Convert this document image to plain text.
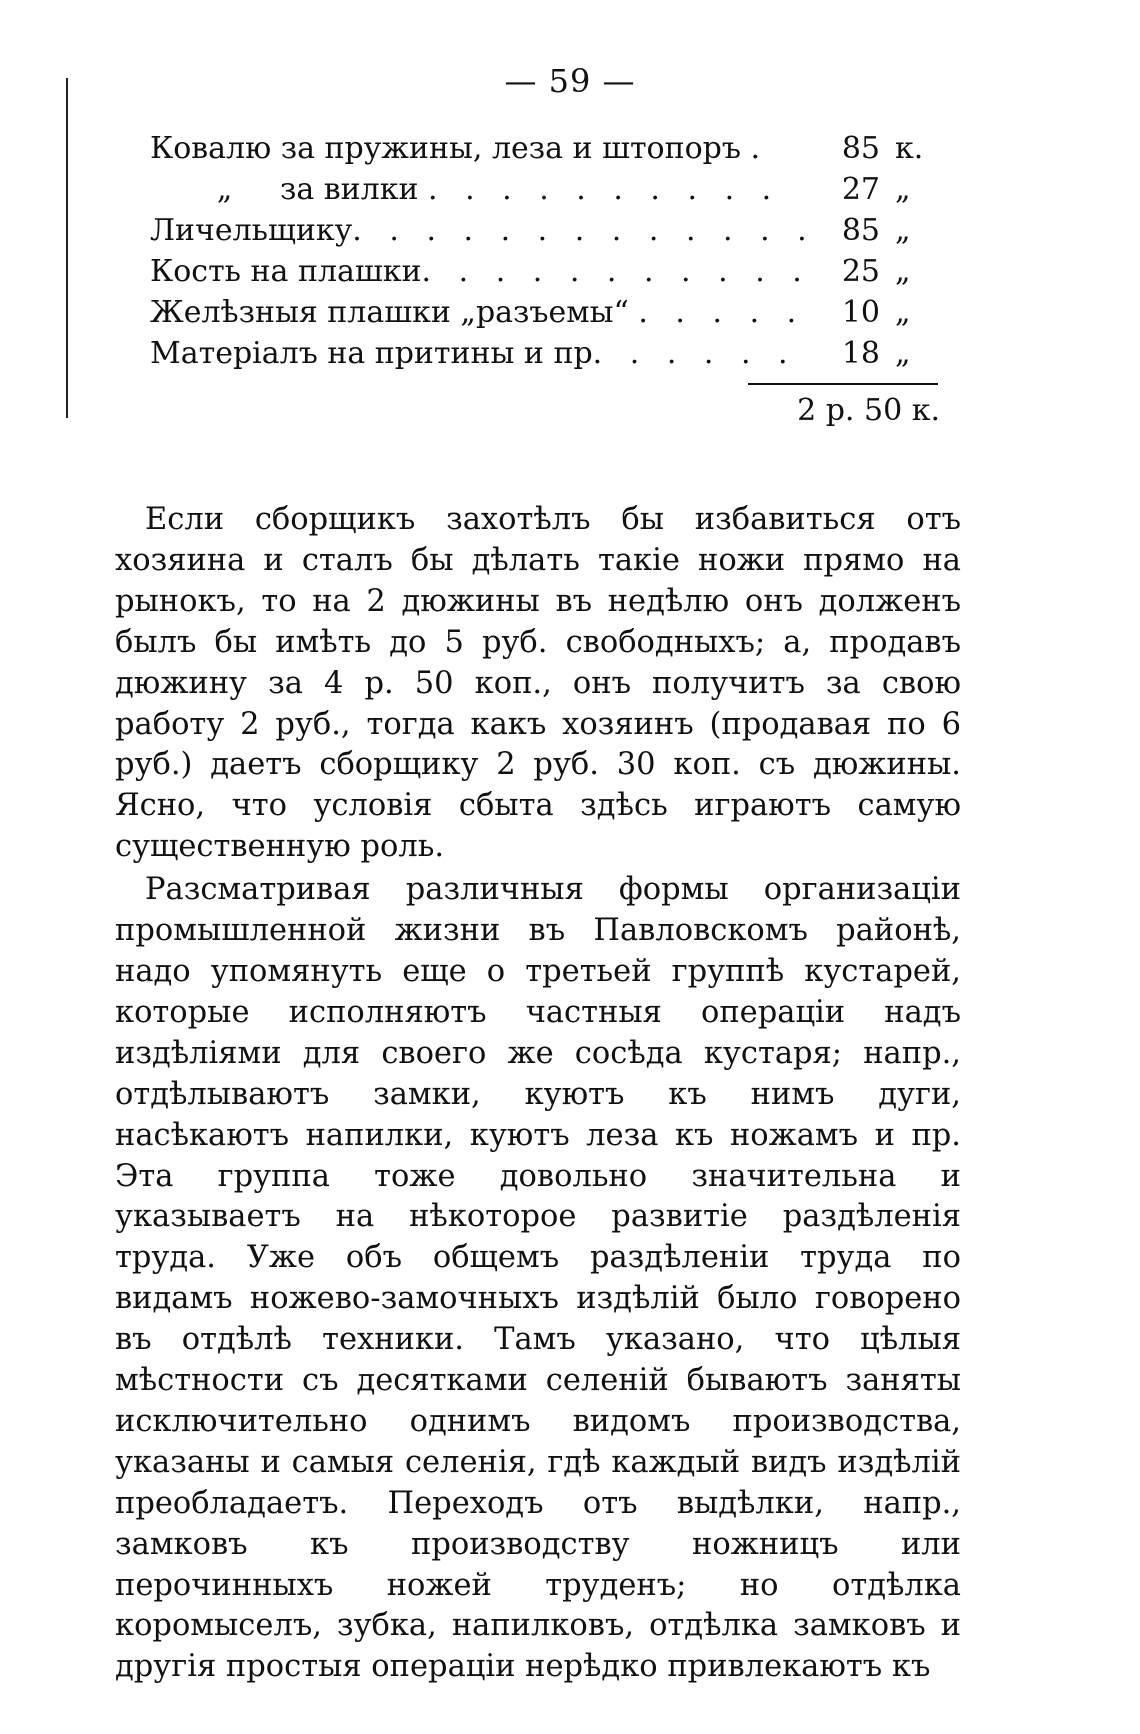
— 59 —
Ковалю за пружины, леза и штопоръ .	85 к.
„     за вилки . . . . . . . . . .	27 „
Личельщику. . . . . . . . . . . . . 85 „
Кость на плашки. . . . . . . . . . .	25 „
Желѣзныя плашки „разъемы“ . . . . .	10 „
Матеріалъ на притины и пр. . . . . .	18 „
2 р. 50 к.

Если сборщикъ захотѣлъ бы избавиться отъ хозяина и сталъ бы дѣлать такіе ножи прямо на рынокъ, то на 2 дюжины въ недѣлю онъ долженъ былъ бы имѣть до 5 руб. свободныхъ; а, продавъ дюжину за 4 р. 50 коп., онъ получитъ за свою работу 2 руб., тогда какъ хозяинъ (продавая по 6 руб.) даетъ сборщику 2 руб. 30 коп. съ дюжины. Ясно, что условія сбыта здѣсь играютъ самую существенную роль.

Разсматривая различныя формы организаціи промышленной жизни въ Павловскомъ районѣ, надо упомянуть еще о третьей группѣ кустарей, которые исполняютъ частныя операціи надъ издѣліями для своего же сосѣда кустаря; напр., отдѣлываютъ замки, куютъ къ нимъ дуги, насѣкаютъ напилки, куютъ леза къ ножамъ и пр. Эта группа тоже довольно значительна и указываетъ на нѣкоторое развитіе раздѣленія труда. Уже объ общемъ раздѣленіи труда по видамъ ножево-замочныхъ издѣлій было говорено въ отдѣлѣ техники. Тамъ указано, что цѣлыя мѣстности съ десятками селеній бываютъ заняты исключительно однимъ видомъ производства, указаны и самыя селенія, гдѣ каждый видъ издѣлій преобладаетъ. Переходъ отъ выдѣлки, напр., замковъ къ производству ножницъ или перочинныхъ ножей труденъ; но отдѣлка коромыселъ, зубка, напилковъ, отдѣлка замковъ и другія простыя операціи нерѣдко привлекаютъ къ
